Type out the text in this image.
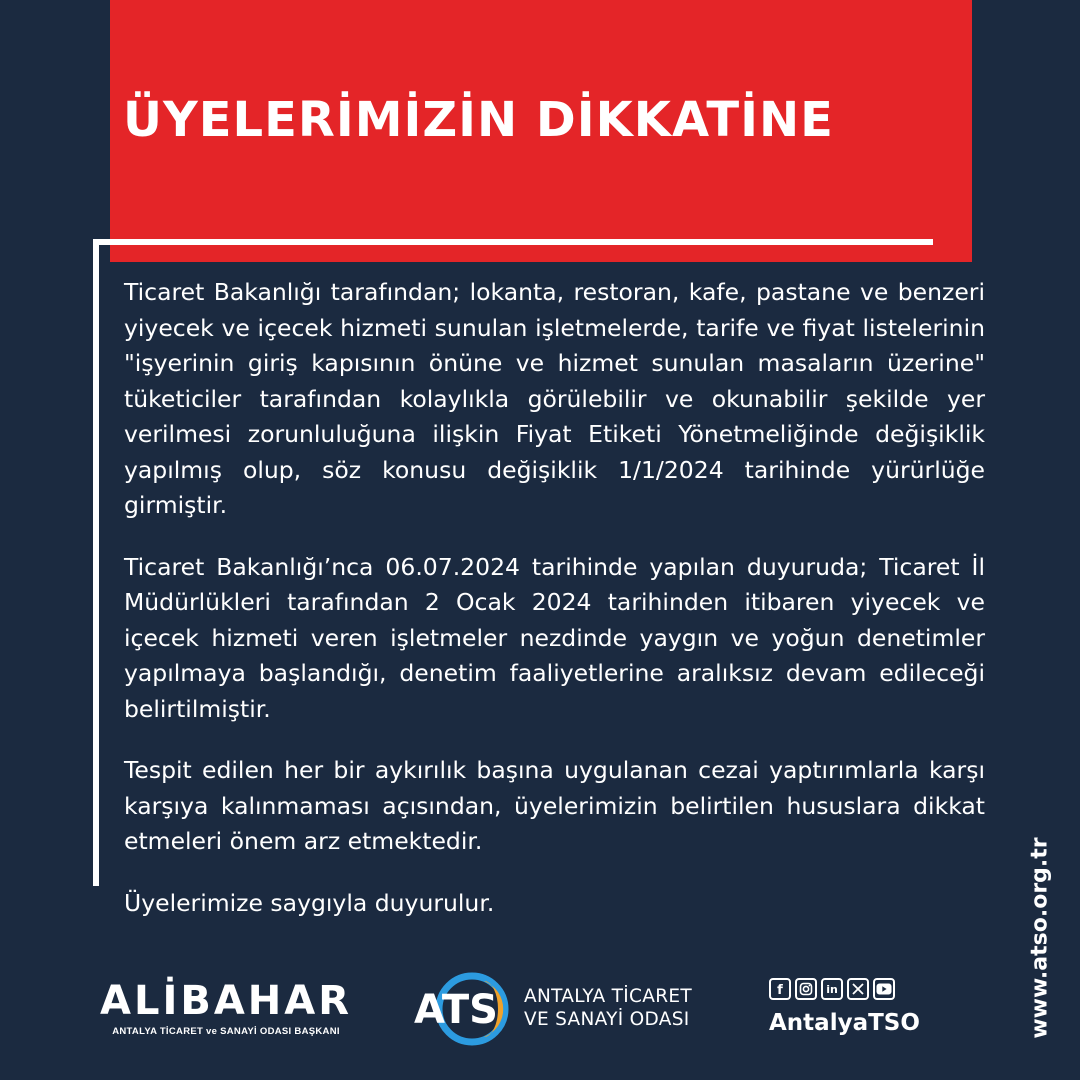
ÜYELERİMİZİN DİKKATİNE

Ticaret Bakanlığı tarafından; lokanta, restoran, kafe, pastane ve benzeri yiyecek ve içecek hizmeti sunulan işletmelerde, tarife ve fiyat listelerinin "işyerinin giriş kapısının önüne ve hizmet sunulan masaların üzerine" tüketiciler tarafından kolaylıkla görülebilir ve okunabilir şekilde yer verilmesi zorunluluğuna ilişkin Fiyat Etiketi Yönetmeliğinde değişiklik yapılmış olup, söz konusu değişiklik 1/1/2024 tarihinde yürürlüğe girmiştir.

Ticaret Bakanlığı’nca 06.07.2024 tarihinde yapılan duyuruda; Ticaret İl Müdürlükleri tarafından 2 Ocak 2024 tarihinden itibaren yiyecek ve içecek hizmeti veren işletmeler nezdinde yaygın ve yoğun denetimler yapılmaya başlandığı, denetim faaliyetlerine aralıksız devam edileceği belirtilmiştir.

Tespit edilen her bir aykırılık başına uygulanan cezai yaptırımlarla karşı karşıya kalınmaması açısından, üyelerimizin belirtilen hususlara dikkat etmeleri önem arz etmektedir.

Üyelerimize saygıyla duyurulur.	www.atso.org.tr
ALİBAHAR
ANTALYA TİCARET ve SANAYİ ODASI BAŞKANI	ATS ANTALYA TİCARET
VE SANAYİ ODASI
f	in
AntalyaTSO
